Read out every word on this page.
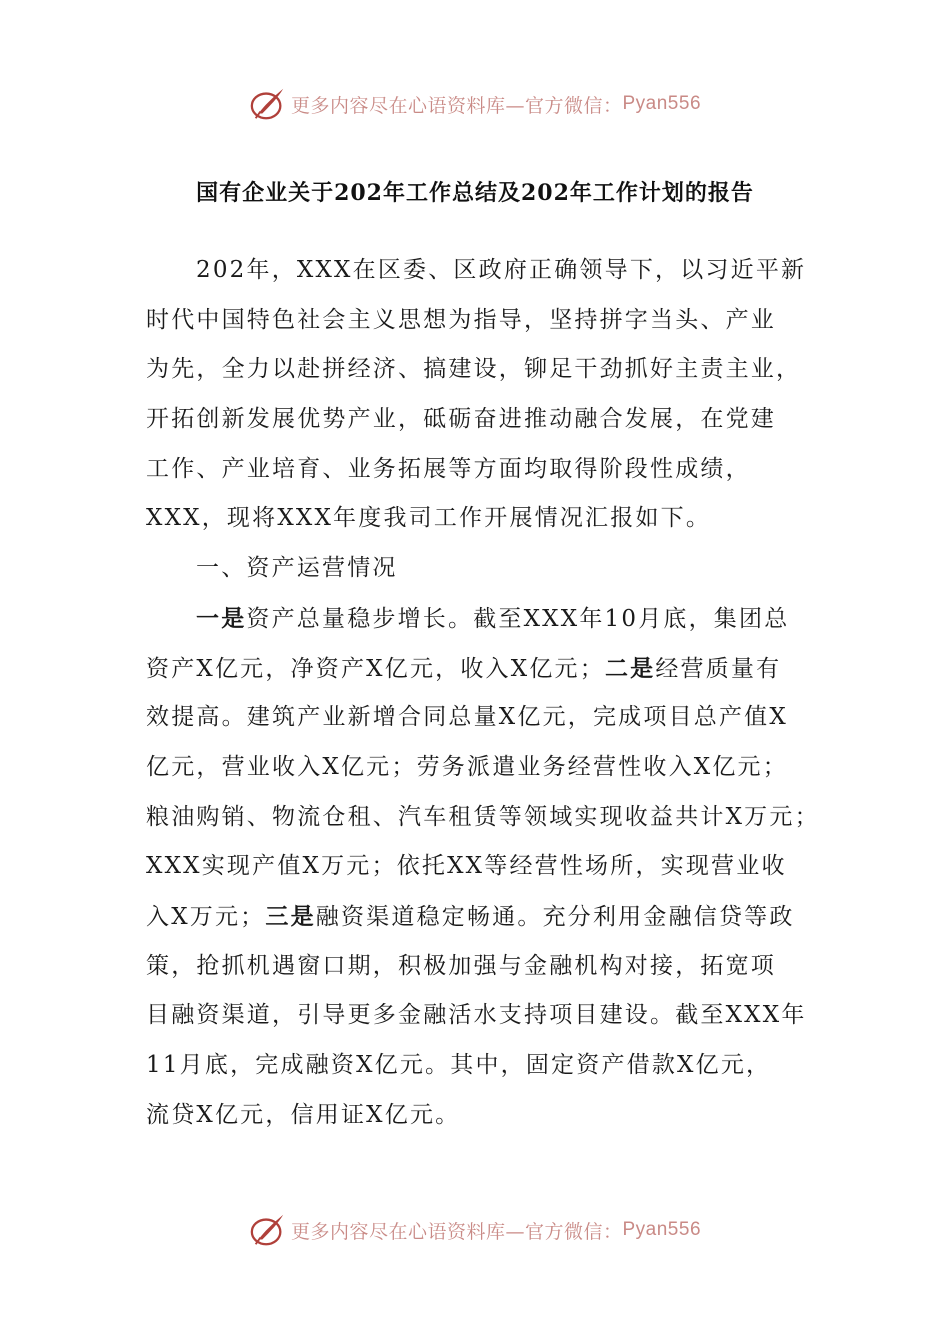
更多内容尽在心语资料库—官方微信： Pyan556
国有企业关于202年工作总结及202年工作计划的报告
202年，XXX在区委、区政府正确领导下，以习近平新
时代中国特色社会主义思想为指导，坚持拼字当头、产业
为先，全力以赴拼经济、搞建设，铆足干劲抓好主责主业，
开拓创新发展优势产业，砥砺奋进推动融合发展，在党建
工作、产业培育、业务拓展等方面均取得阶段性成绩，
XXX，现将XXX年度我司工作开展情况汇报如下。
一、资产运营情况
一是资产总量稳步增长。截至XXX年10月底，集团总
资产X亿元，净资产X亿元，收入X亿元；二是经营质量有
效提高。建筑产业新增合同总量X亿元，完成项目总产值X
亿元，营业收入X亿元；劳务派遣业务经营性收入X亿元；
粮油购销、物流仓租、汽车租赁等领域实现收益共计X万元；
XXX实现产值X万元；依托XX等经营性场所，实现营业收
入X万元；三是融资渠道稳定畅通。充分利用金融信贷等政
策，抢抓机遇窗口期，积极加强与金融机构对接，拓宽项
目融资渠道，引导更多金融活水支持项目建设。截至XXX年
11月底，完成融资X亿元。其中，固定资产借款X亿元，
流贷X亿元，信用证X亿元。
更多内容尽在心语资料库—官方微信： Pyan556
